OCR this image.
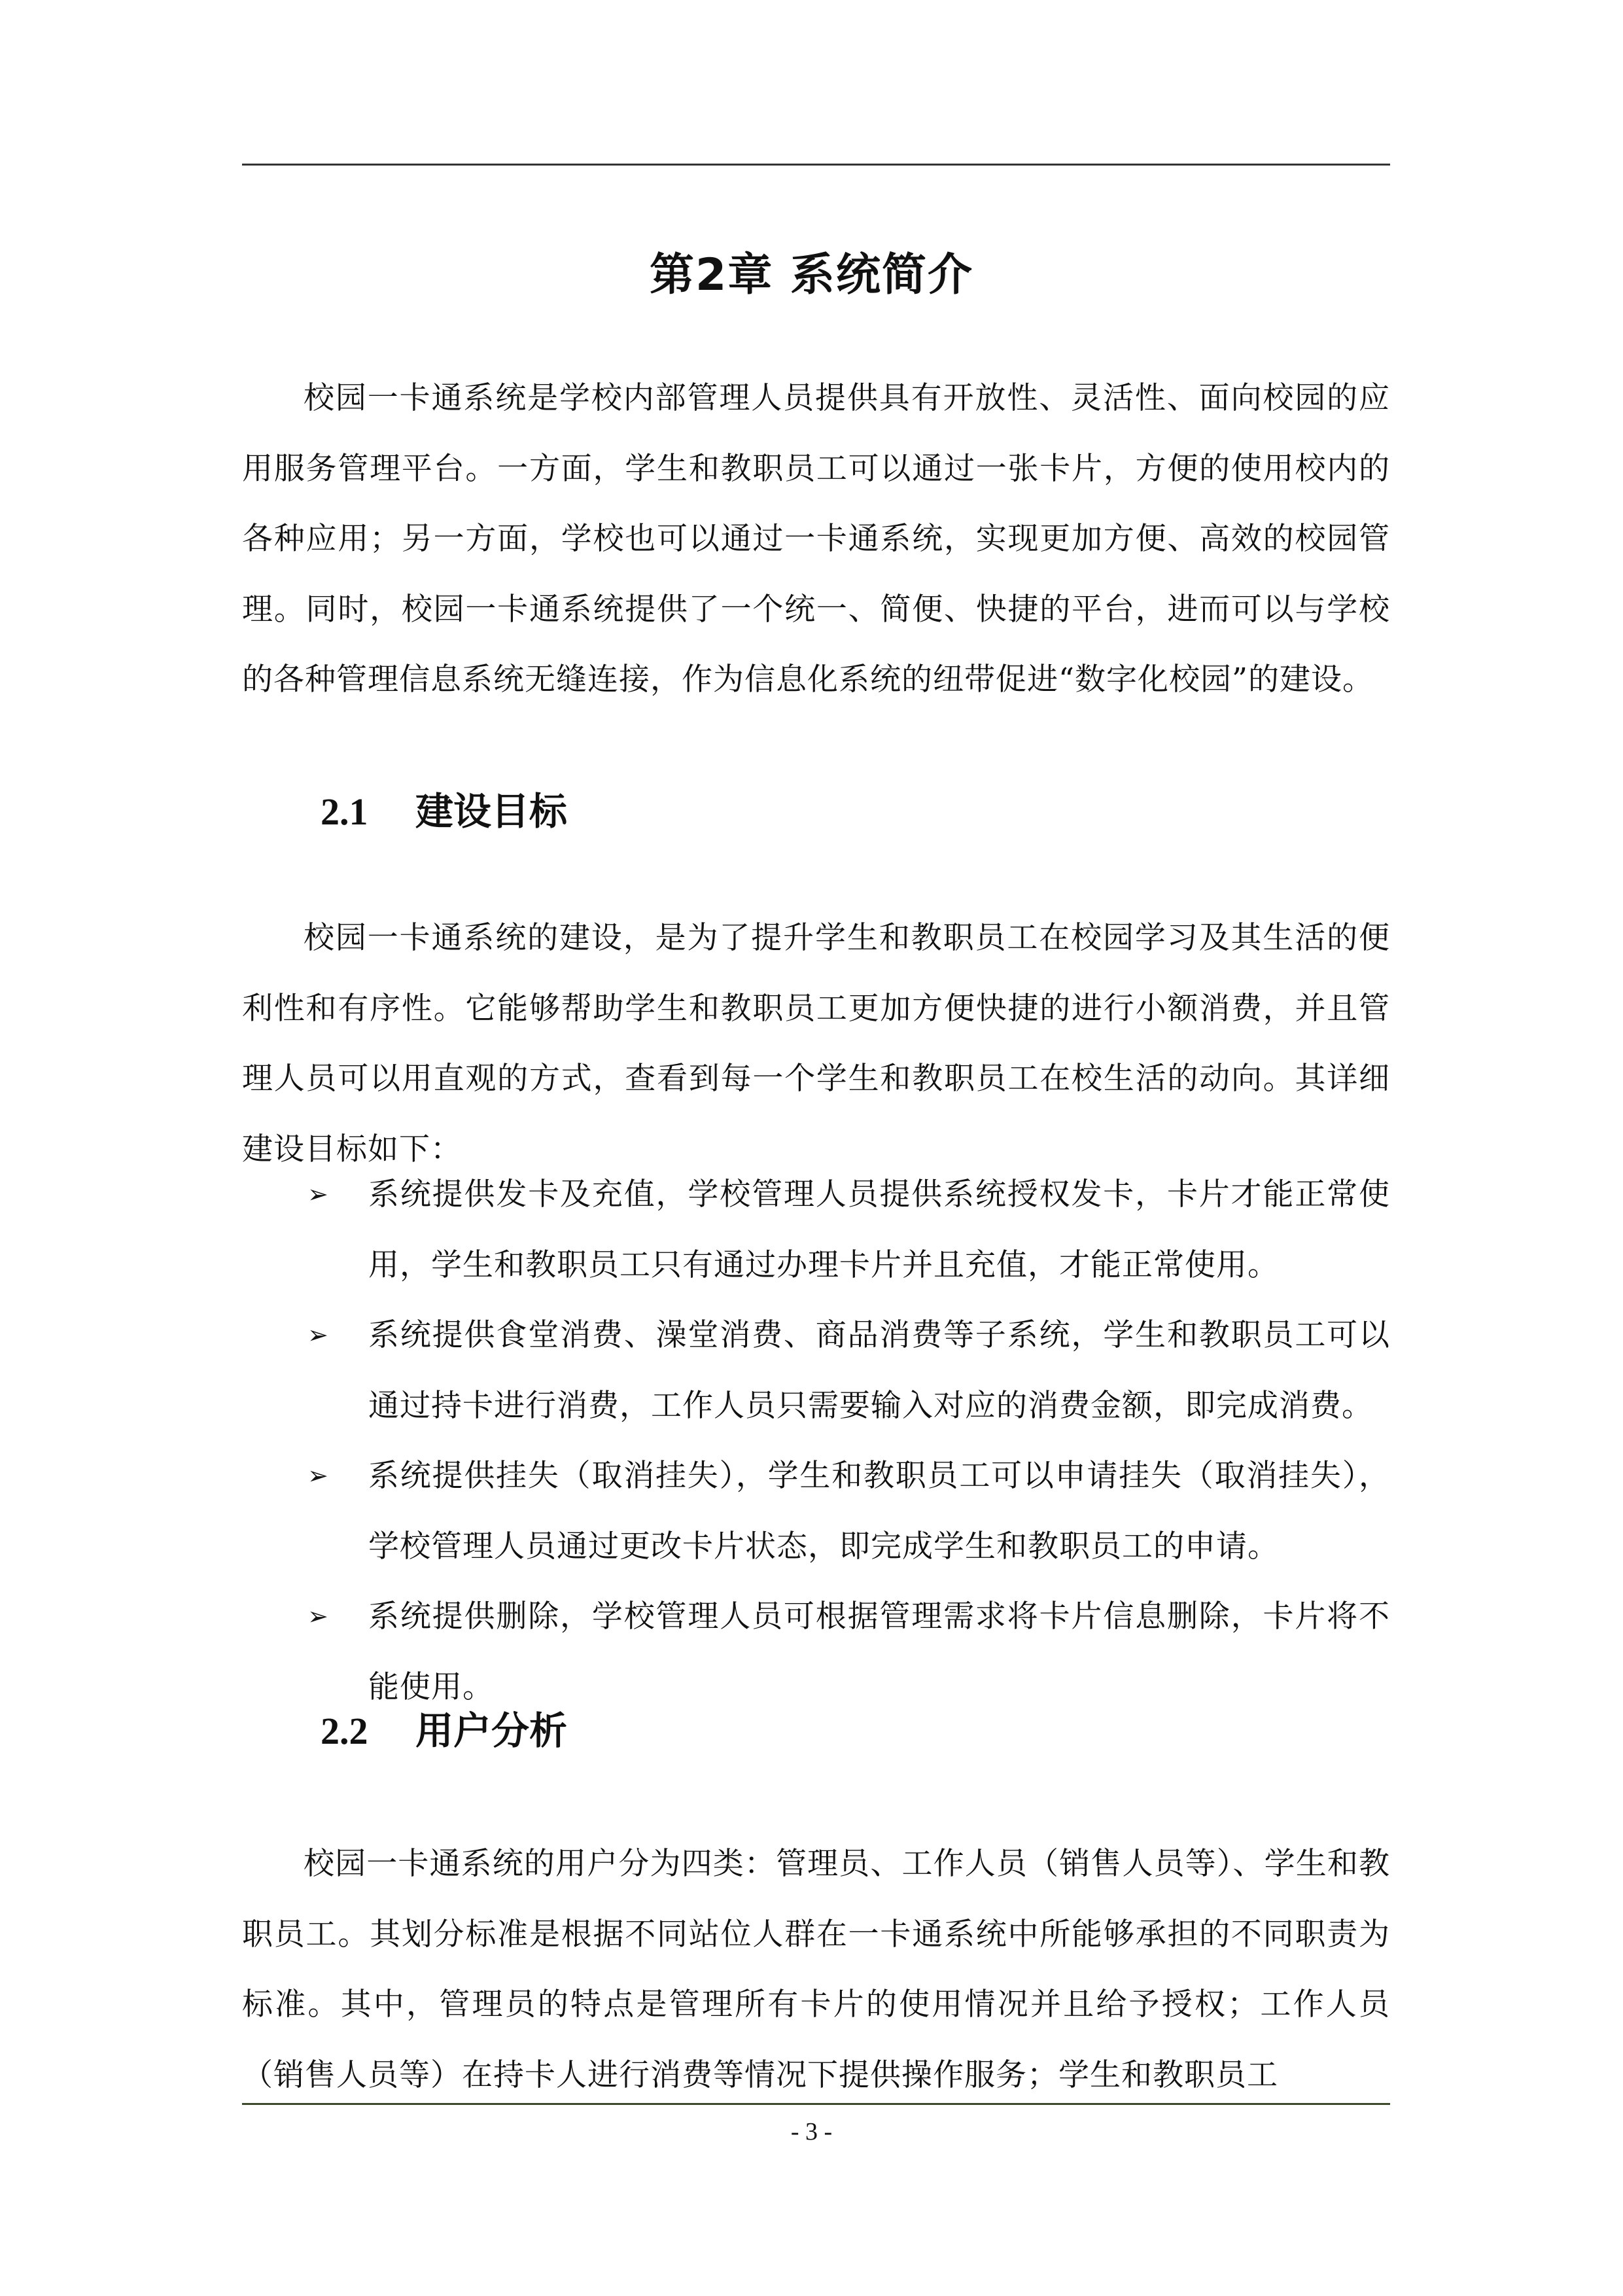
第2章 系统简介

校园一卡通系统是学校内部管理人员提供具有开放性、灵活性、面向校园的应用服务管理平台。一方面，学生和教职员工可以通过一张卡片，方便的使用校内的各种应用；另一方面，学校也可以通过一卡通系统，实现更加方便、高效的校园管理。同时，校园一卡通系统提供了一个统一、简便、快捷的平台，进而可以与学校的各种管理信息系统无缝连接，作为信息化系统的纽带促进“数字化校园”的建设。

2.1 建设目标

校园一卡通系统的建设，是为了提升学生和教职员工在校园学习及其生活的便利性和有序性。它能够帮助学生和教职员工更加方便快捷的进行小额消费，并且管理人员可以用直观的方式，查看到每一个学生和教职员工在校生活的动向。其详细建设目标如下：

➢ 系统提供发卡及充值，学校管理人员提供系统授权发卡，卡片才能正常使用，学生和教职员工只有通过办理卡片并且充值，才能正常使用。
➢ 系统提供食堂消费、澡堂消费、商品消费等子系统，学生和教职员工可以通过持卡进行消费，工作人员只需要输入对应的消费金额，即完成消费。
➢ 系统提供挂失（取消挂失），学生和教职员工可以申请挂失（取消挂失），学校管理人员通过更改卡片状态，即完成学生和教职员工的申请。
➢ 系统提供删除，学校管理人员可根据管理需求将卡片信息删除，卡片将不能使用。
2.2 用户分析

校园一卡通系统的用户分为四类：管理员、工作人员（销售人员等）、学生和教职员工。其划分标准是根据不同站位人群在一卡通系统中所能够承担的不同职责为标准。其中，管理员的特点是管理所有卡片的使用情况并且给予授权；工作人员（销售人员等）在持卡人进行消费等情况下提供操作服务；学生和教职员工

- 3 -
